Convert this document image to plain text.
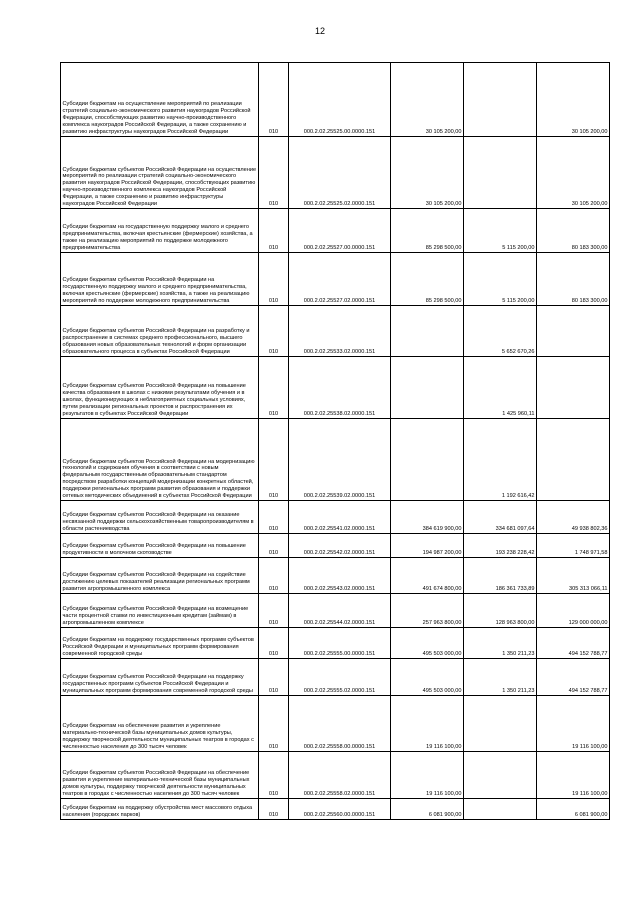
12
Субсидии бюджетам на осуществление мероприятий по реализации стратегий социально-экономического развития наукоградов Российской Федерации, способствующих развитию научно-производственного комплекса наукоградов Российской Федерации, а также сохранению и развитию инфраструктуры наукоградов Российской Федерации	010	000.2.02.25525.00.0000.151	30 105 200,00		30 105 200,00
Субсидии бюджетам субъектов Российской Федерации на осуществление мероприятий по реализации стратегий социально-экономического развития наукоградов Российской Федерации, способствующих развитию научно-производственного комплекса наукоградов Российской Федерации, а также сохранению и развитию инфраструктуры наукоградов Российской Федерации	010	000.2.02.25525.02.0000.151	30 105 200,00		30 105 200,00
Субсидии бюджетам на государственную поддержку малого и среднего предпринимательства, включая крестьянские (фермерские) хозяйства, а также на реализацию мероприятий по поддержке молодежного предпринимательства	010	000.2.02.25527.00.0000.151	85 298 500,00	5 115 200,00	80 183 300,00
Субсидии бюджетам субъектов Российской Федерации на государственную поддержку малого и среднего предпринимательства, включая крестьянские (фермерские) хозяйства, а также на реализацию мероприятий по поддержке молодежного предпринимательства	010	000.2.02.25527.02.0000.151	85 298 500,00	5 115 200,00	80 183 300,00
Субсидии бюджетам субъектов Российской Федерации на разработку и распространение в системах среднего профессионального, высшего образования новых образовательных технологий и форм организации образовательного процесса в субъектах Российской Федерации	010	000.2.02.25533.02.0000.151		5 652 670,26	
Субсидии бюджетам субъектов Российской Федерации на повышение качества образования в школах с низкими результатами обучения и в школах, функционирующих в неблагоприятных социальных условиях, путем реализации региональных проектов и распространения их результатов в субъектах Российской Федерации	010	000.2.02.25538.02.0000.151		1 425 960,11	
Субсидии бюджетам субъектов Российской Федерации на модернизацию технологий и содержания обучения в соответствии с новым федеральным государственным образовательным стандартом посредством разработки концепций модернизации конкретных областей, поддержки региональных программ развития образования и поддержки сетевых методических объединений в субъектах Российской Федерации	010	000.2.02.25539.02.0000.151		1 192 616,42	
Субсидии бюджетам субъектов Российской Федерации на оказание несвязанной поддержки сельскохозяйственным товаропроизводителям в области растениеводства	010	000.2.02.25541.02.0000.151	384 619 900,00	334 681 097,64	49 938 802,36
Субсидии бюджетам субъектов Российской Федерации на повышение продуктивности в молочном скотоводстве	010	000.2.02.25542.02.0000.151	194 987 200,00	193 238 228,42	1 748 971,58
Субсидии бюджетам субъектов Российской Федерации на содействие достижению целевых показателей реализации региональных программ развития агропромышленного комплекса	010	000.2.02.25543.02.0000.151	491 674 800,00	186 361 733,89	305 313 066,11
Субсидии бюджетам субъектов Российской Федерации на возмещение части процентной ставки по инвестиционным кредитам (займам) в агропромышленном комплексе	010	000.2.02.25544.02.0000.151	257 963 800,00	128 963 800,00	129 000 000,00
Субсидии бюджетам на поддержку государственных программ субъектов Российской Федерации и муниципальных программ формирования современной городской среды	010	000.2.02.25555.00.0000.151	495 503 000,00	1 350 211,23	494 152 788,77
Субсидии бюджетам субъектов Российской Федерации на поддержку государственных программ субъектов Российской Федерации и муниципальных программ формирования современной городской среды	010	000.2.02.25555.02.0000.151	495 503 000,00	1 350 211,23	494 152 788,77
Субсидии бюджетам на обеспечение развития и укрепление материально-технической базы муниципальных домов культуры, поддержку творческой деятельности муниципальных театров в городах с численностью населения до 300 тысяч человек	010	000.2.02.25558.00.0000.151	19 116 100,00		19 116 100,00
Субсидии бюджетам субъектов Российской Федерации на обеспечение развития и укрепление материально-технической базы муниципальных домов культуры, поддержку творческой деятельности муниципальных театров в городах с численностью населения до 300 тысяч человек	010	000.2.02.25558.02.0000.151	19 116 100,00		19 116 100,00
Субсидии бюджетам на поддержку обустройства мест массового отдыха населения (городских парков)	010	000.2.02.25560.00.0000.151	6 081 900,00		6 081 900,00
